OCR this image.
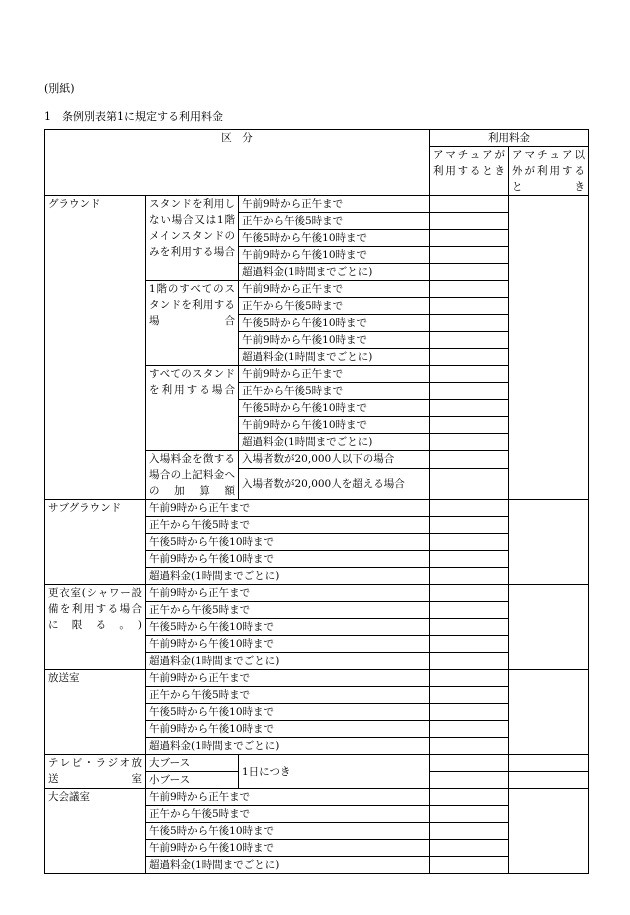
(別紙)
1 条例別表第1に規定する利用料金
区　分			利用料金	
			アマチュアが利用するとき	アマチュア以外が利用するとき
グラウンド	スタンドを利用しない場合又は1階メインスタンドのみを利用する場合	午前9時から正午まで		
		正午から午後5時まで		
		午後5時から午後10時まで		
		午前9時から午後10時まで		
		超過料金(1時間までごとに)		
	1階のすべてのスタンドを利用する場合	午前9時から正午まで		
		正午から午後5時まで		
		午後5時から午後10時まで		
		午前9時から午後10時まで		
		超過料金(1時間までごとに)		
	すべてのスタンドを利用する場合	午前9時から正午まで		
		正午から午後5時まで		
		午後5時から午後10時まで		
		午前9時から午後10時まで		
		超過料金(1時間までごとに)		
	入場料金を徴する場合の上記料金への加算額	入場者数が20,000人以下の場合		
		入場者数が20,000人を超える場合		
サブグラウンド	午前9時から正午まで			
	正午から午後5時まで			
	午後5時から午後10時まで			
	午前9時から午後10時まで			
	超過料金(1時間までごとに)			
更衣室(シャワー設備を利用する場合に限る。)	午前9時から正午まで			
	正午から午後5時まで			
	午後5時から午後10時まで			
	午前9時から午後10時まで			
	超過料金(1時間までごとに)			
放送室	午前9時から正午まで			
	正午から午後5時まで			
	午後5時から午後10時まで			
	午前9時から午後10時まで			
	超過料金(1時間までごとに)			
テレビ・ラジオ放送室	大ブース	1日につき		
	小ブース			
大会議室	午前9時から正午まで			
	正午から午後5時まで			
	午後5時から午後10時まで			
	午前9時から午後10時まで			
	超過料金(1時間までごとに)			
